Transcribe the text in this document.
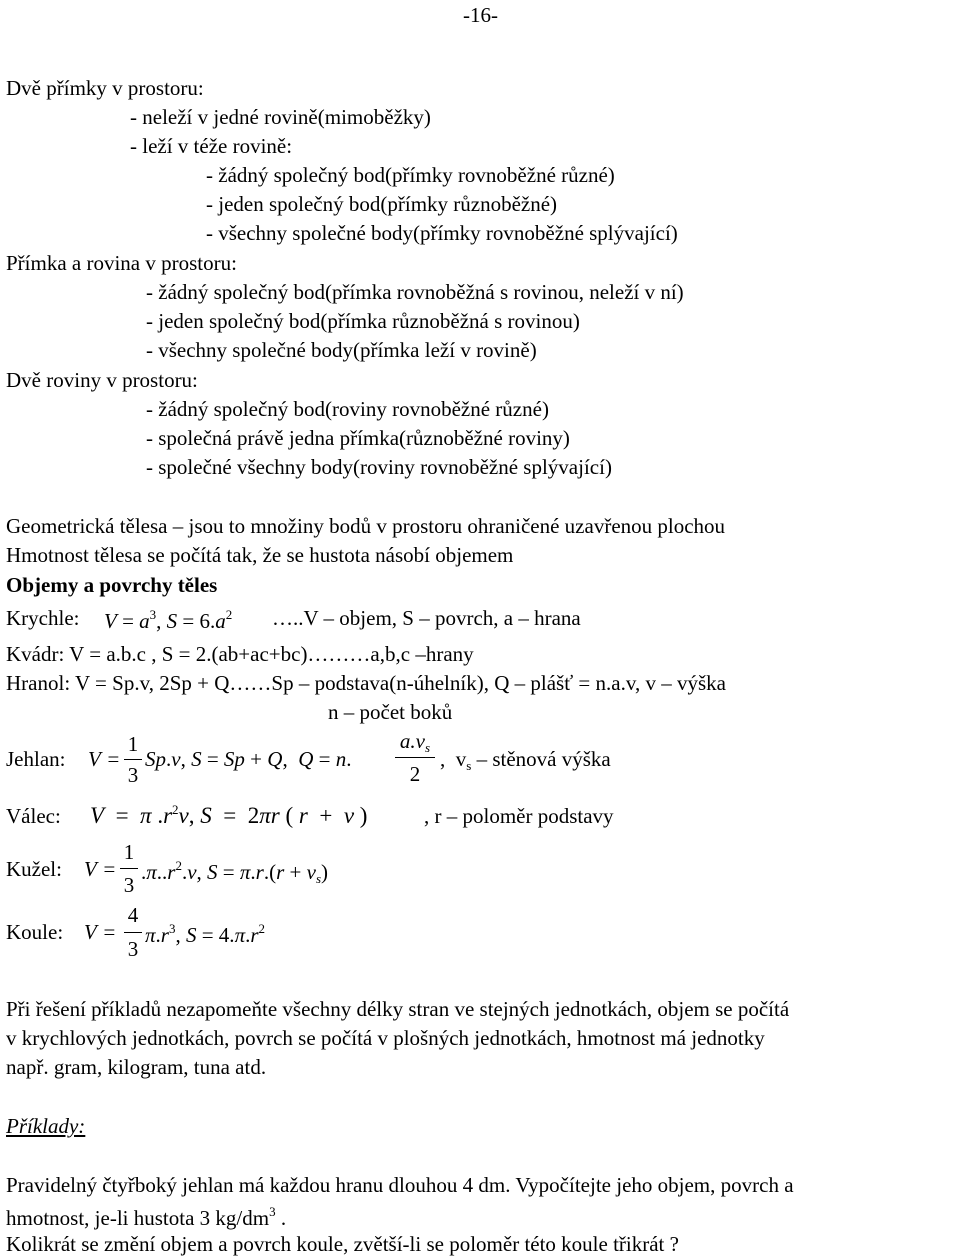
-16-
Dvě přímky v prostoru:
- neleží v jedné rovině(mimoběžky)
- leží v téže rovině:
- žádný společný bod(přímky rovnoběžné různé)
- jeden společný bod(přímky různoběžné)
- všechny společné body(přímky rovnoběžné splývající)
Přímka a rovina v prostoru:
- žádný společný bod(přímka rovnoběžná s rovinou, neleží v ní)
- jeden společný bod(přímka různoběžná s rovinou)
- všechny společné body(přímka leží v rovině)
Dvě roviny v prostoru:
- žádný společný bod(roviny rovnoběžné různé)
- společná právě jedna přímka(různoběžné roviny)
- společné všechny body(roviny rovnoběžné splývající)
Geometrická tělesa – jsou to množiny bodů v prostoru ohraničené uzavřenou plochou
Hmotnost tělesa se počítá tak, že se hustota násobí objemem
Objemy a povrchy těles
Krychle: $V = a^3$, $S = 6.a^2$ …..V – objem, S – povrch, a – hrana
Kvádr: V = a.b.c , S = 2.(ab+ac+bc)………a,b,c –hrany
Hranol: V = Sp.v, 2Sp + Q……Sp – podstava(n-úhelník), Q – plášť = n.a.v, v – výška
n – počet boků
Jehlan: V =
1
3
Sp.v, S = Sp + Q,  Q = n.
$a.v_s$
2
,  $v_s$ – stěnová výška
Válec: V  =  π $.r^2v$, S  =  2πr ( r  +  v )	, r – poloměr podstavy
Kužel: V =
1
3
$.\pi..r^2.v$, $S = \pi.r.(r + v_s)$
Koule: V =
4
3
$\pi.r^3$, $S = 4.\pi.r^2$
Při řešení příkladů nezapomeňte všechny délky stran ve stejných jednotkách, objem se počítá
v krychlových jednotkách, povrch se počítá v plošných jednotkách, hmotnost má jednotky
např. gram, kilogram, tuna atd.
Příklady:
Pravidelný čtyřboký jehlan má každou hranu dlouhou 4 dm. Vypočítejte jeho objem, povrch a
hmotnost, je-li hustota 3 $kg/dm^3$ .
Kolikrát se změní objem a povrch koule, zvětší-li se poloměr této koule třikrát ?
